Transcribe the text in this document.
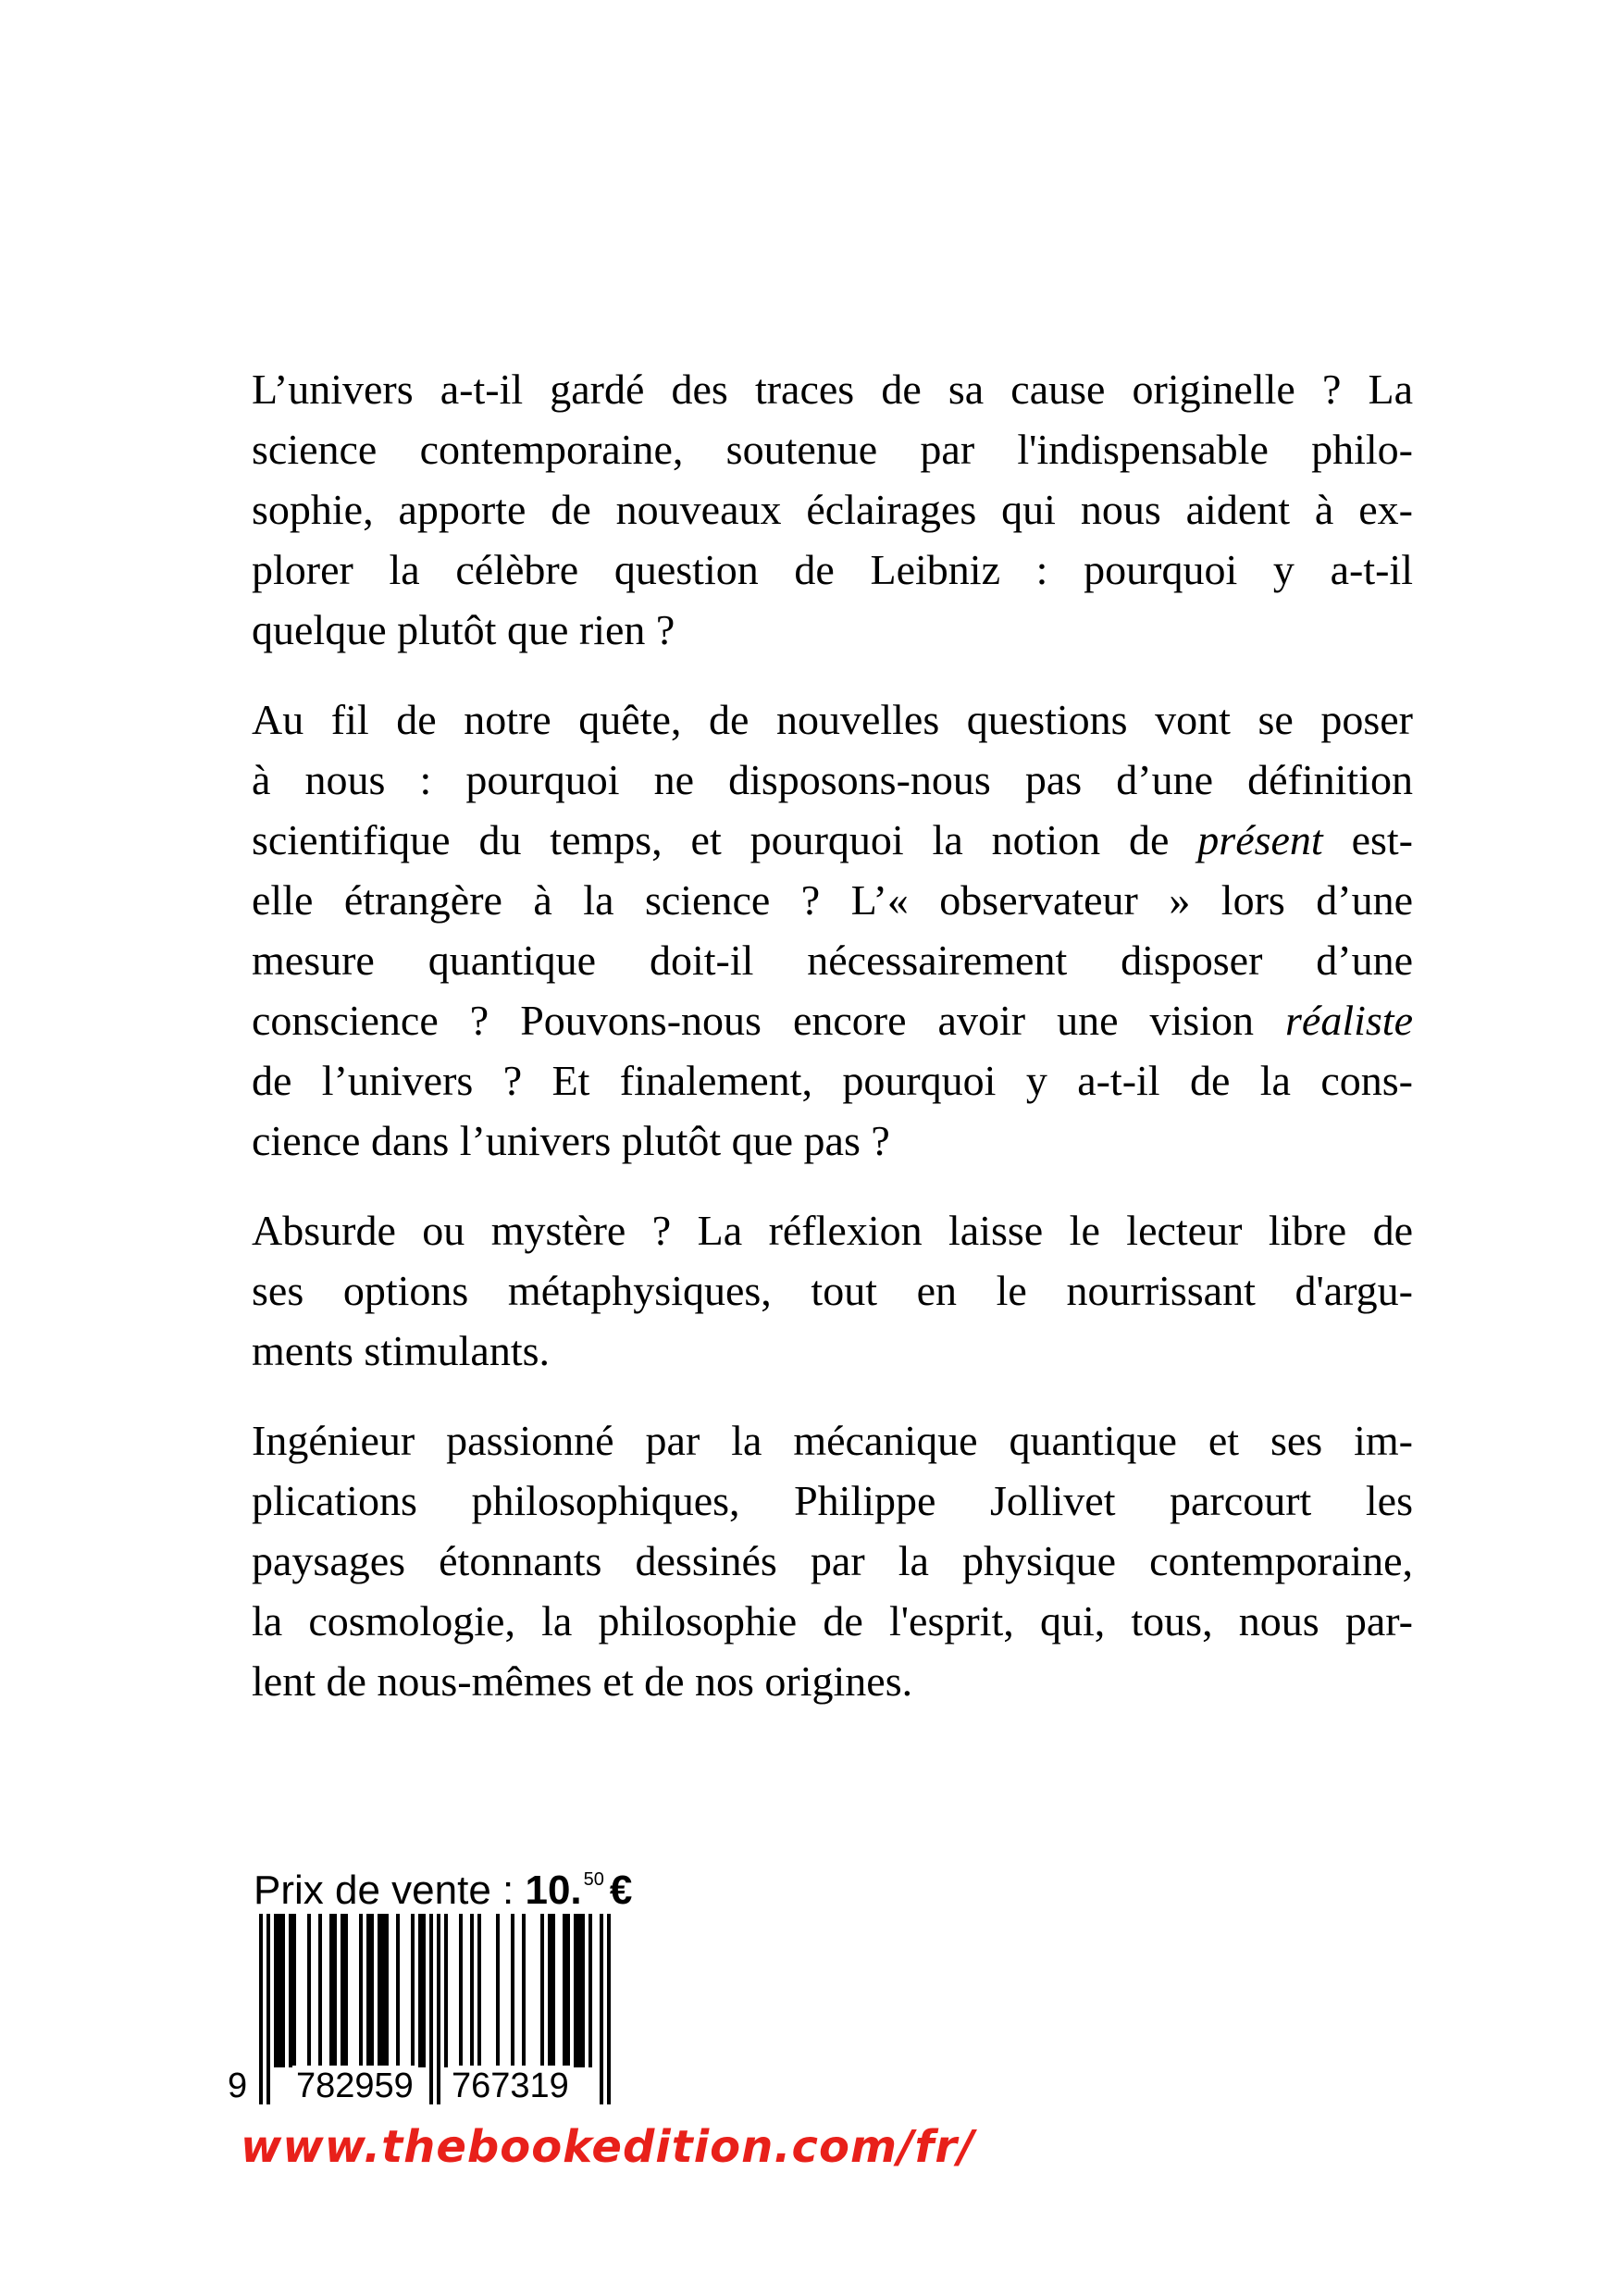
L’univers a-t-il gardé des traces de sa cause originelle ? La
science contemporaine, soutenue par l'indispensable philo-
sophie, apporte de nouveaux éclairages qui nous aident à ex-
plorer la célèbre question de Leibniz : pourquoi y a-t-il
quelque plutôt que rien ?

Au fil de notre quête, de nouvelles questions vont se poser
à nous : pourquoi ne disposons-nous pas d’une définition
scientifique du temps, et pourquoi la notion de présent est-
elle étrangère à la science ? L’« observateur » lors d’une
mesure quantique doit-il nécessairement disposer d’une
conscience ? Pouvons-nous encore avoir une vision réaliste
de l’univers ? Et finalement, pourquoi y a-t-il de la cons-
cience dans l’univers plutôt que pas ?

Absurde ou mystère ? La réflexion laisse le lecteur libre de
ses options métaphysiques, tout en le nourrissant d'argu-
ments stimulants.

Ingénieur passionné par la mécanique quantique et ses im-
plications philosophiques, Philippe Jollivet parcourt les
paysages étonnants dessinés par la physique contemporaine,
la cosmologie, la philosophie de l'esprit, qui, tous, nous par-
lent de nous-mêmes et de nos origines.

Prix de vente : 10. $^{50}$ €
9 782959 767319
www.thebookedition.com/fr/
